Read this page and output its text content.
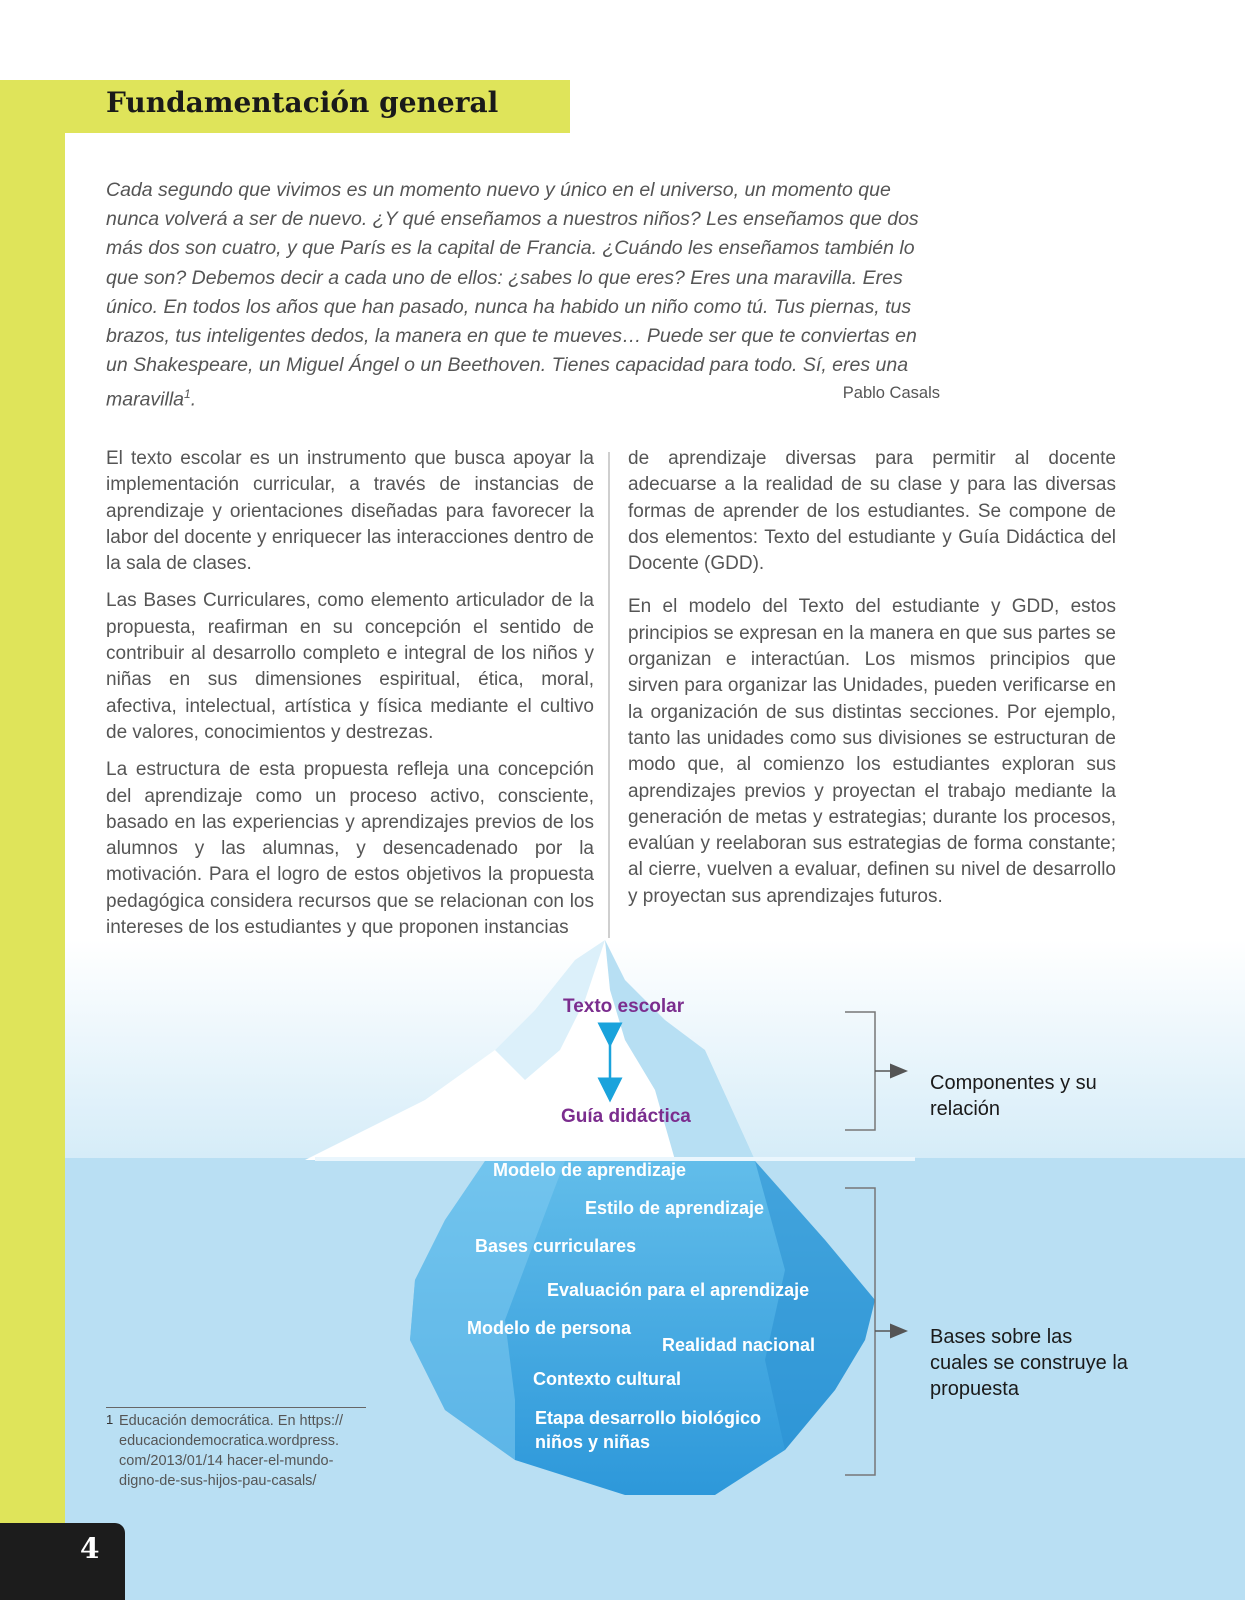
Fundamentación general

Cada segundo que vivimos es un momento nuevo y único en el universo, un momento que nunca volverá a ser de nuevo. ¿Y qué enseñamos a nuestros niños? Les enseñamos que dos más dos son cuatro, y que París es la capital de Francia. ¿Cuándo les enseñamos también lo que son? Debemos decir a cada uno de ellos: ¿sabes lo que eres? Eres una maravilla. Eres único. En todos los años que han pasado, nunca ha habido un niño como tú. Tus piernas, tus brazos, tus inteligentes dedos, la manera en que te mueves… Puede ser que te conviertas en un Shakespeare, un Miguel Ángel o un Beethoven. Tienes capacidad para todo. Sí, eres una maravilla$^1$.	Pablo Casals

El texto escolar es un instrumento que busca apoyar la implementación curricular, a través de instancias de aprendizaje y orientaciones diseñadas para favorecer la labor del docente y enriquecer las interacciones dentro de la sala de clases.

Las Bases Curriculares, como elemento articulador de la propuesta, reafirman en su concepción el sentido de contribuir al desarrollo completo e integral de los niños y niñas en sus dimensiones espiritual, ética, moral, afectiva, intelectual, artística y física mediante el cultivo de valores, conocimientos y destrezas.

La estructura de esta propuesta refleja una concepción del aprendizaje como un proceso activo, consciente, basado en las experiencias y aprendizajes previos de los alumnos y las alumnas, y desencadenado por la motivación. Para el logro de estos objetivos la propuesta pedagógica considera recursos que se relacionan con los intereses de los estudiantes y que proponen instancias

de aprendizaje diversas para permitir al docente adecuarse a la realidad de su clase y para las diversas formas de aprender de los estudiantes. Se compone de dos elementos: Texto del estudiante y Guía Didáctica del Docente (GDD).

En el modelo del Texto del estudiante y GDD, estos principios se expresan en la manera en que sus partes se organizan e interactúan. Los mismos principios que sirven para organizar las Unidades, pueden verificarse en la organización de sus distintas secciones. Por ejemplo, tanto las unidades como sus divisiones se estructuran de modo que, al comienzo los estudiantes exploran sus aprendizajes previos y proyectan el trabajo mediante la generación de metas y estrategias; durante los procesos, evalúan y reelaboran sus estrategias de forma constante; al cierre, vuelven a evaluar, definen su nivel de desarrollo y proyectan sus aprendizajes futuros.

Texto escolar
Guía didáctica
Modelo de aprendizaje
Estilo de aprendizaje
Bases curriculares
Evaluación para el aprendizaje
Modelo de persona
Realidad nacional
Contexto cultural
Etapa desarrollo biológico niños y niñas
Componentes y su relación
Bases sobre las cuales se construye la propuesta
1 Educación democrática. En https:// educaciondemocratica.wordpress. com/2013/01/14 hacer-el-mundo-digno-de-sus-hijos-pau-casals/
4
